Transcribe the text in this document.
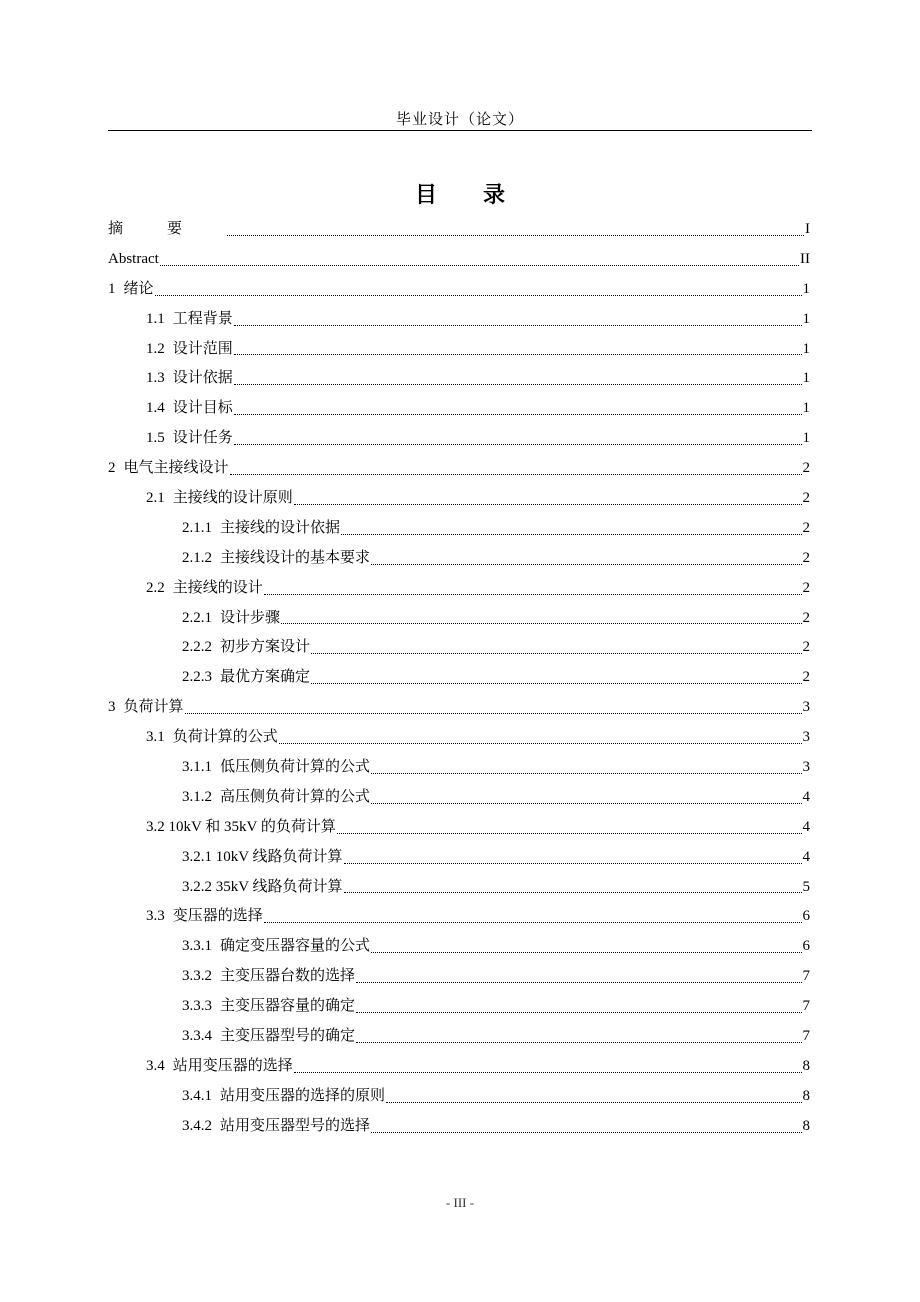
毕业设计（论文）
目 录
摘要	I
Abstract	II
1 绪论	1
1.1 工程背景	1
1.2 设计范围	1
1.3 设计依据	1
1.4 设计目标	1
1.5 设计任务	1
2 电气主接线设计	2
2.1 主接线的设计原则	2
2.1.1 主接线的设计依据	2
2.1.2 主接线设计的基本要求	2
2.2 主接线的设计	2
2.2.1 设计步骤	2
2.2.2 初步方案设计	2
2.2.3 最优方案确定	2
3 负荷计算	3
3.1 负荷计算的公式	3
3.1.1 低压侧负荷计算的公式	3
3.1.2 高压侧负荷计算的公式	4
3.2 10kV 和 35kV 的负荷计算	4
3.2.1 10kV 线路负荷计算	4
3.2.2 35kV 线路负荷计算	5
3.3 变压器的选择	6
3.3.1 确定变压器容量的公式	6
3.3.2 主变压器台数的选择	7
3.3.3 主变压器容量的确定	7
3.3.4 主变压器型号的确定	7
3.4 站用变压器的选择	8
3.4.1 站用变压器的选择的原则	8
3.4.2 站用变压器型号的选择	8
- III -
